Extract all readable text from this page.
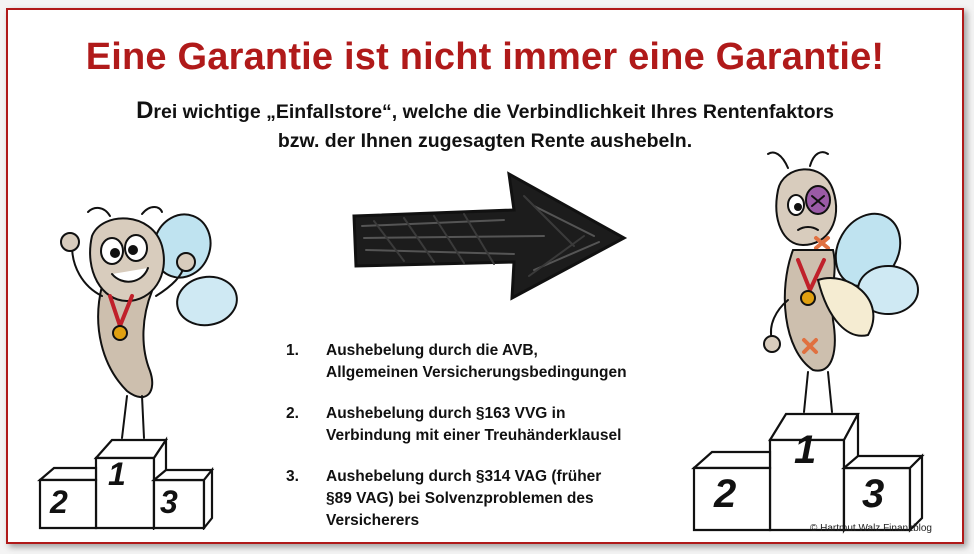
Eine Garantie ist nicht immer eine Garantie!
Drei wichtige „Einfallstore“, welche die Verbindlichkeit Ihres Rentenfaktors
bzw. der Ihnen zugesagten Rente aushebeln.
1
2	3
1
2	3
1. Aushebelung durch die AVB,
Allgemeinen Versicherungsbedingungen
2. Aushebelung durch §163 VVG in
Verbindung mit einer Treuhänderklausel
3. Aushebelung durch §314 VAG (früher
§89 VAG) bei Solvenzproblemen des
Versicherers	© Hartmut Walz Finanzblog
